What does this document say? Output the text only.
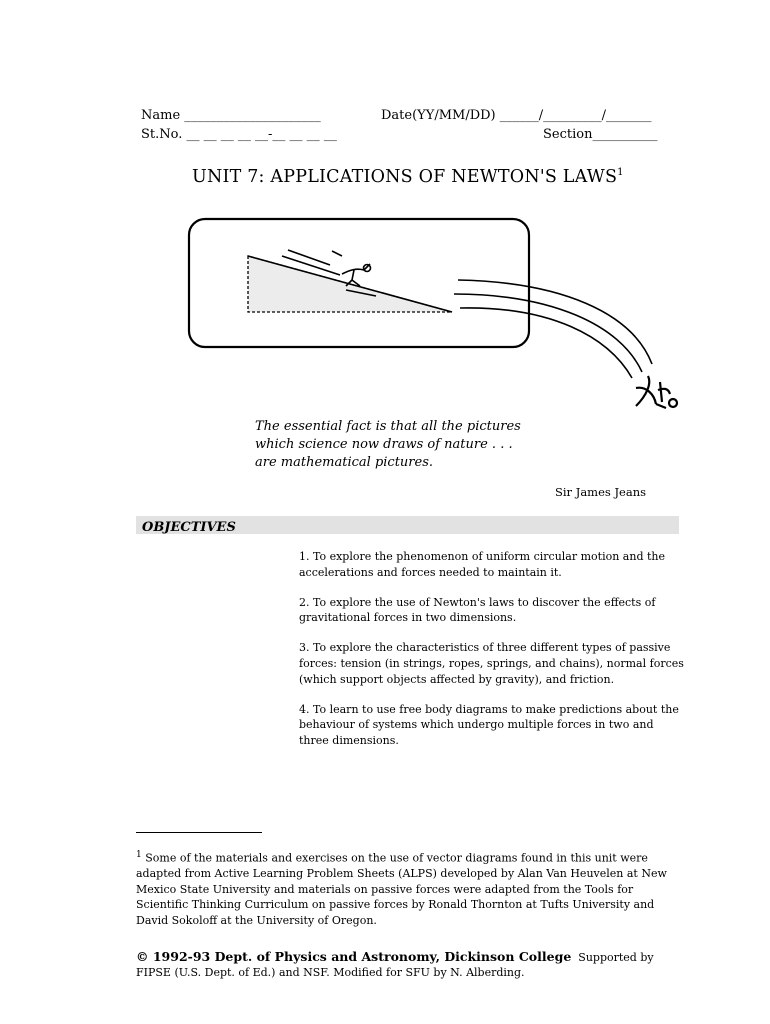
Name _____________________	Date(YY/MM/DD) ______/_________/_______
St.No. __ __ __ __ __-__ __ __ __	Section__________
UNIT 7: APPLICATIONS OF NEWTON'S LAWS$^1$
The essential fact is that all the pictures
which science now draws of nature . . .
are mathematical pictures.
Sir James Jeans
OBJECTIVES

1. To explore the phenomenon of uniform circular motion and the accelerations and forces needed to maintain it.

2. To explore the use of Newton's laws to discover the effects of gravitational forces in two dimensions.

3. To explore the characteristics of three different types of passive forces: tension (in strings, ropes, springs, and chains), normal forces (which support objects affected by gravity), and friction.

4. To learn to use free body diagrams to make predictions about the behaviour of systems which undergo multiple forces in two and three dimensions.

$^1$ Some of the materials and exercises on the use of vector diagrams found in this unit were adapted from Active Learning Problem Sheets (ALPS) developed by Alan Van Heuvelen at New Mexico State University and materials on passive forces were adapted from the Tools for Scientific Thinking Curriculum on passive forces by Ronald Thornton at Tufts University and David Sokoloff at the University of Oregon.
© 1992-93 Dept. of Physics and Astronomy, Dickinson College Supported by FIPSE (U.S. Dept. of Ed.) and NSF. Modified for SFU by N. Alberding.
